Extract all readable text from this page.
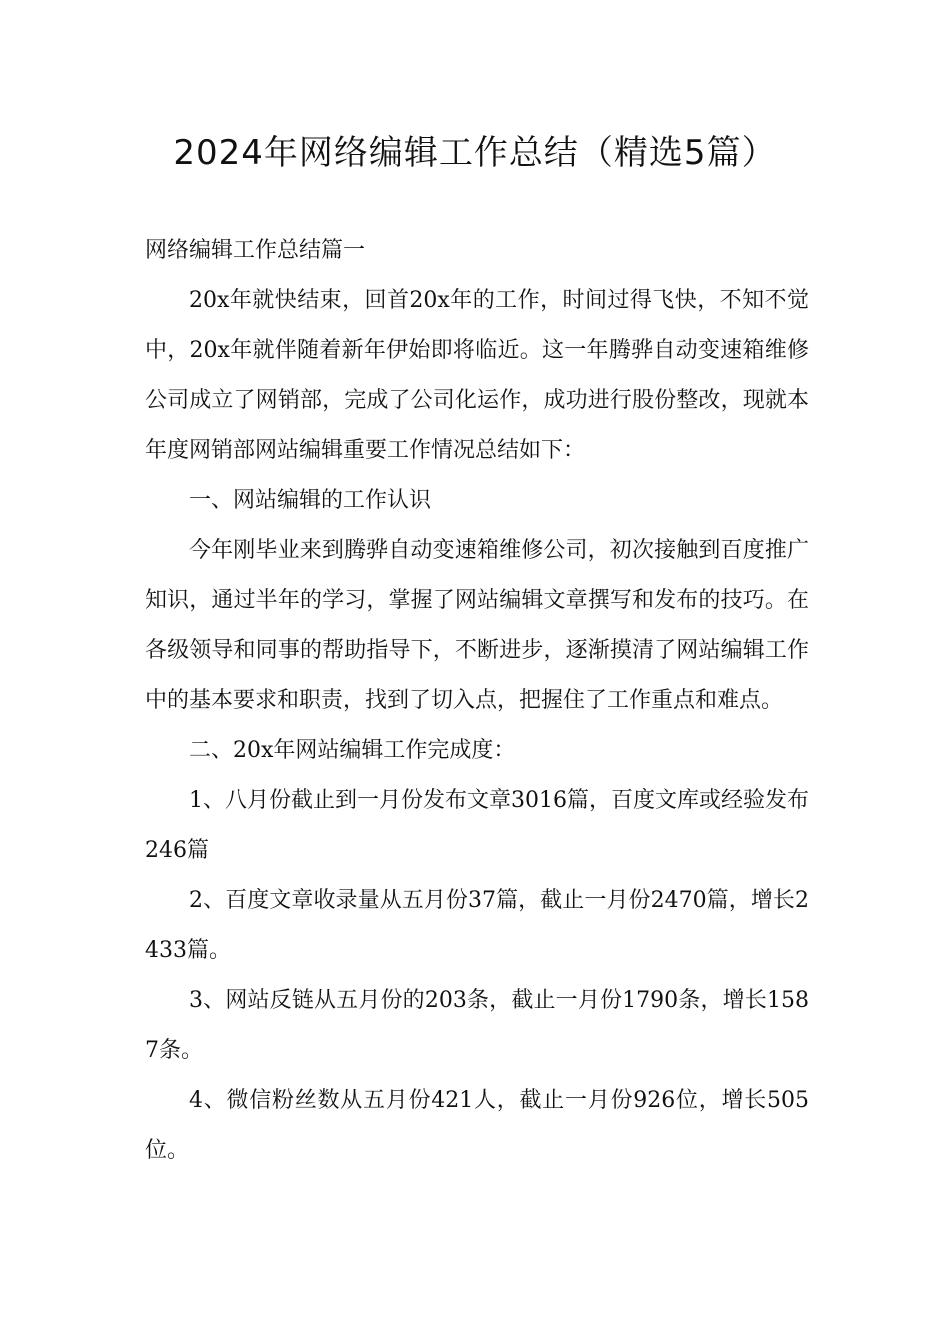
2024年网络编辑工作总结（精选5篇）

网络编辑工作总结篇一

20x年就快结束，回首20x年的工作，时间过得飞快，不知不觉中，20x年就伴随着新年伊始即将临近。这一年腾骅自动变速箱维修公司成立了网销部，完成了公司化运作，成功进行股份整改，现就本年度网销部网站编辑重要工作情况总结如下：

一、网站编辑的工作认识

今年刚毕业来到腾骅自动变速箱维修公司，初次接触到百度推广知识，通过半年的学习，掌握了网站编辑文章撰写和发布的技巧。在各级领导和同事的帮助指导下，不断进步，逐渐摸清了网站编辑工作中的基本要求和职责，找到了切入点，把握住了工作重点和难点。

二、20x年网站编辑工作完成度：

1、八月份截止到一月份发布文章3016篇，百度文库或经验发布246篇

2、百度文章收录量从五月份37篇，截止一月份2470篇，增长2433篇。

3、网站反链从五月份的203条，截止一月份1790条，增长1587条。

4、微信粉丝数从五月份421人，截止一月份926位，增长505位。
